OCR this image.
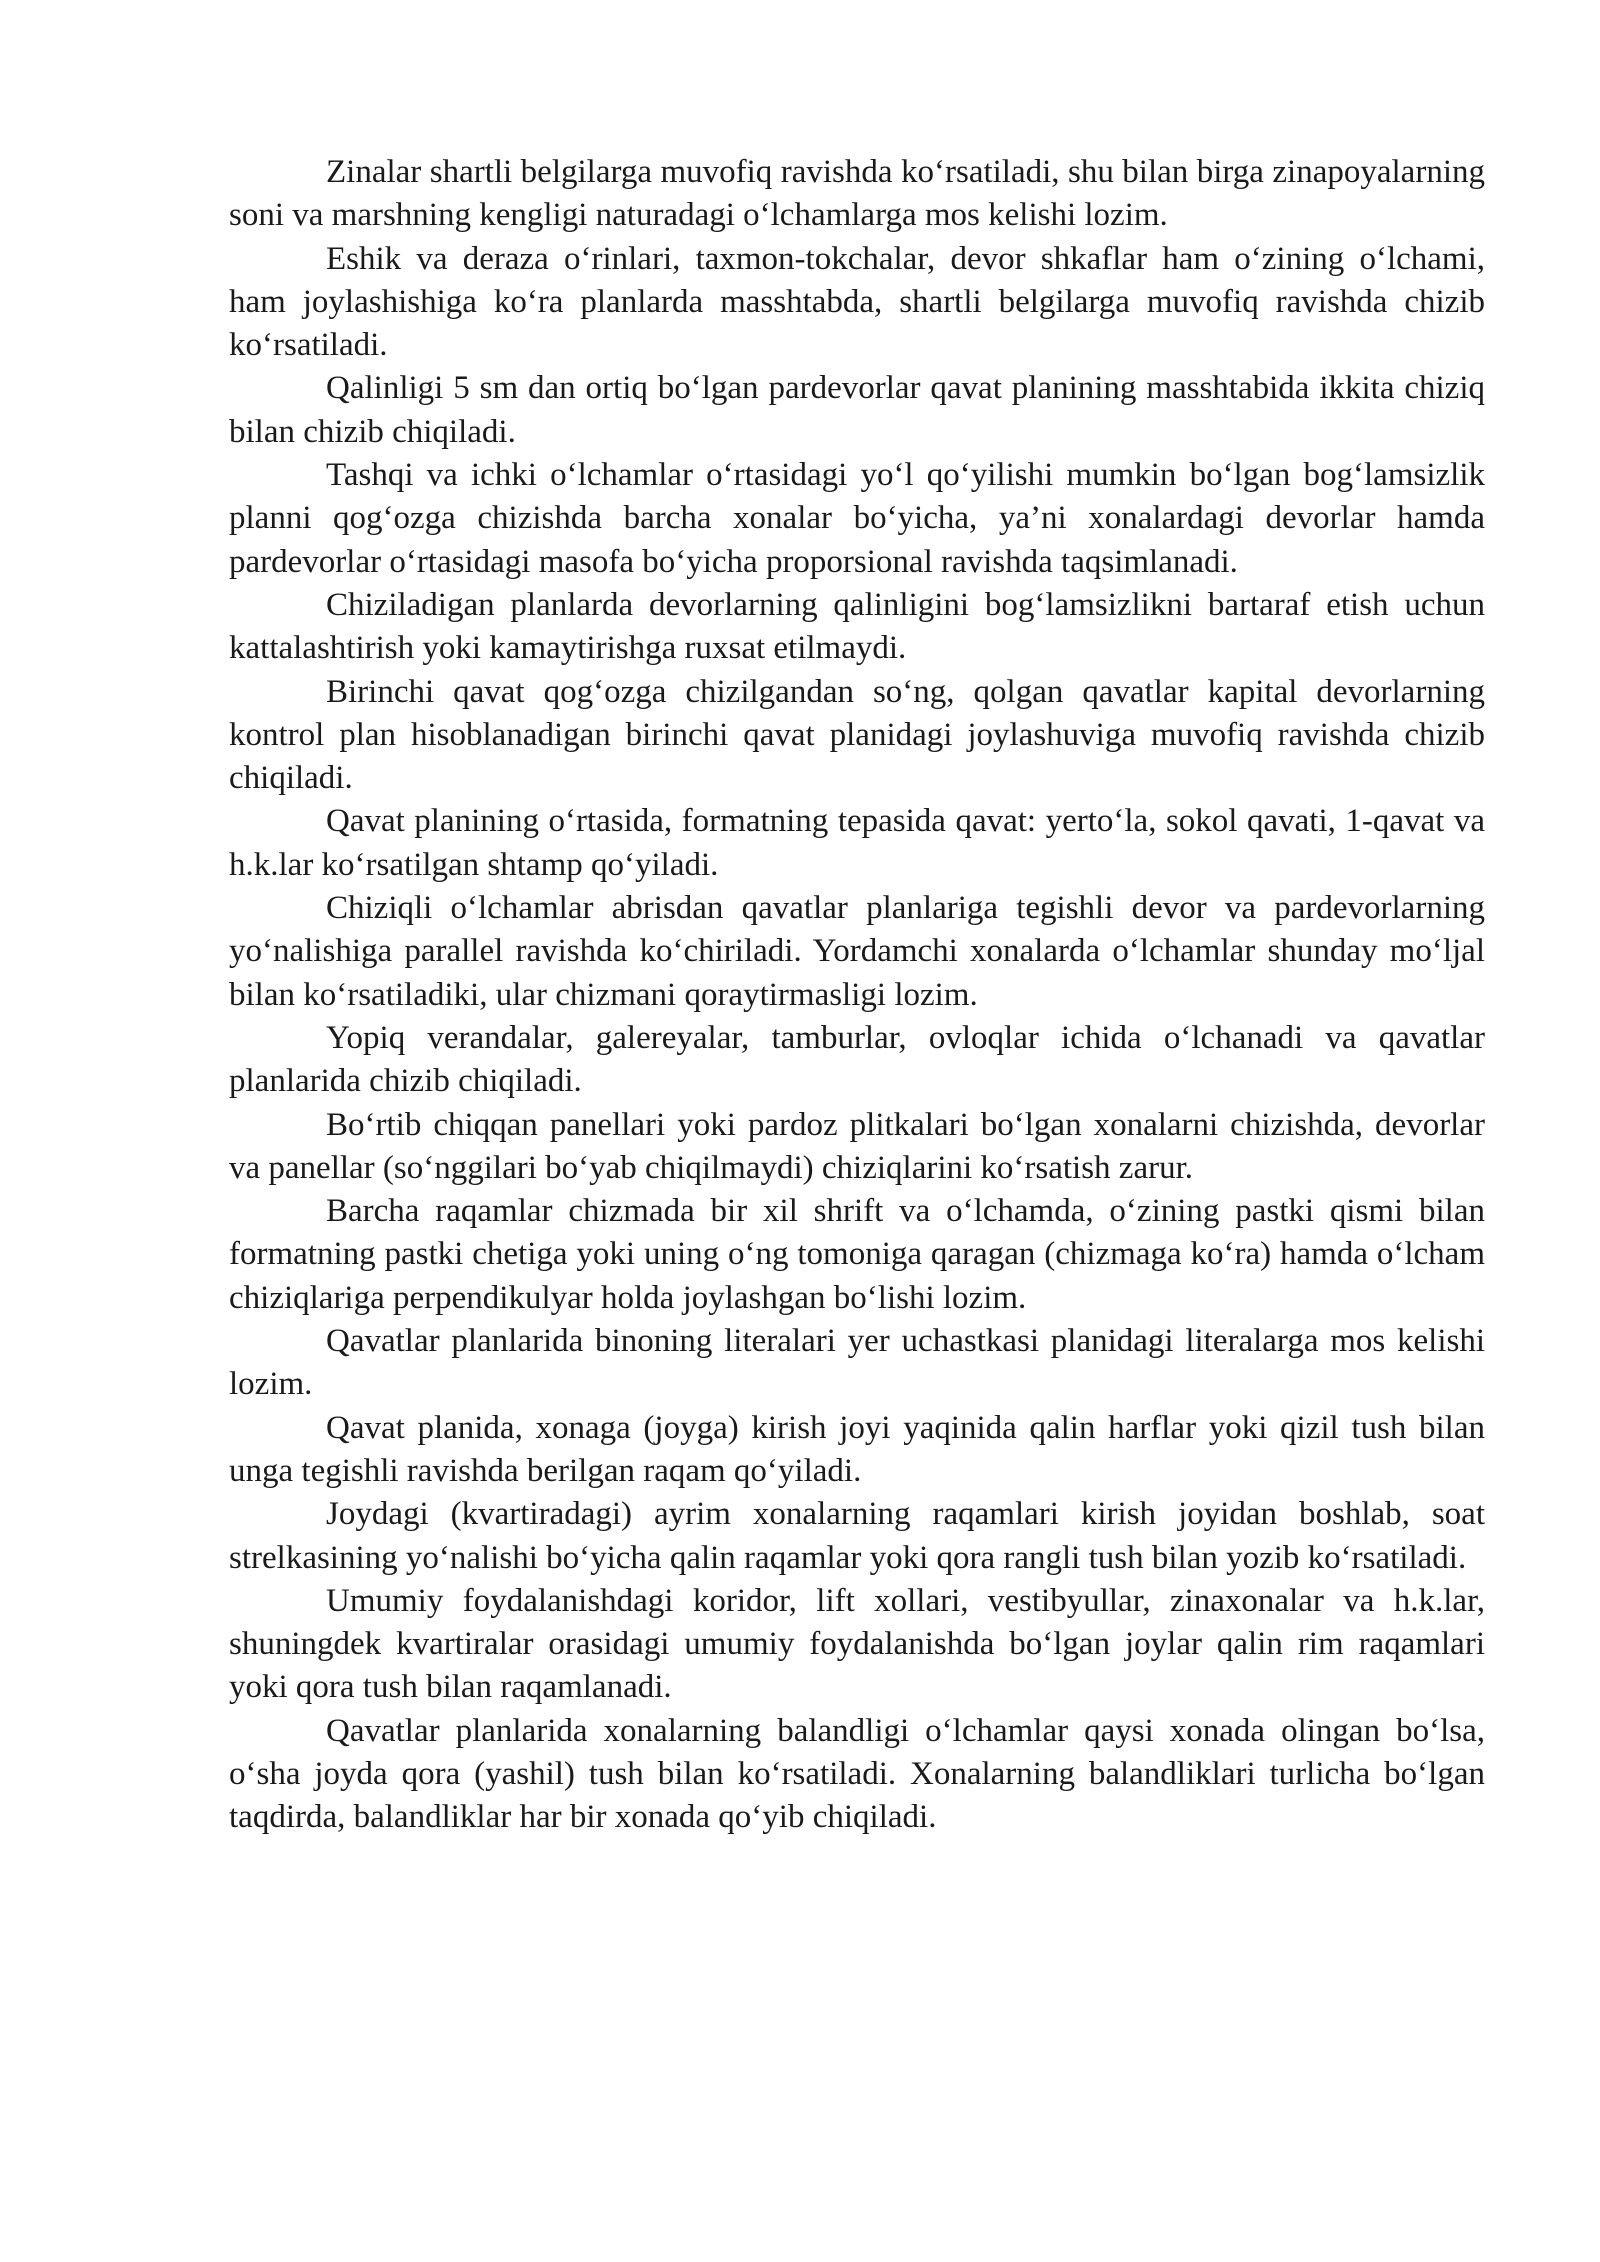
Zinalar shartli belgilarga muvofiq ravishda ko‘rsatiladi, shu bilan birga zinapoyalarning soni va marshning kengligi naturadagi o‘lchamlarga mos kelishi lozim.

Eshik va deraza o‘rinlari, taxmon-tokchalar, devor shkaflar ham o‘zining o‘lchami, ham joylashishiga ko‘ra planlarda masshtabda, shartli belgilarga muvofiq ravishda chizib ko‘rsatiladi.

Qalinligi 5 sm dan ortiq bo‘lgan pardevorlar qavat planining masshtabida ikkita chiziq bilan chizib chiqiladi.

Tashqi va ichki o‘lchamlar o‘rtasidagi yo‘l qo‘yilishi mumkin bo‘lgan bog‘lamsizlik planni qog‘ozga chizishda barcha xonalar bo‘yicha, ya’ni xonalardagi devorlar hamda pardevorlar o‘rtasidagi masofa bo‘yicha proporsional ravishda taqsimlanadi.

Chiziladigan planlarda devorlarning qalinligini bog‘lamsizlikni bartaraf etish uchun kattalashtirish yoki kamaytirishga ruxsat etilmaydi.

Birinchi qavat qog‘ozga chizilgandan so‘ng, qolgan qavatlar kapital devorlarning kontrol plan hisoblanadigan birinchi qavat planidagi joylashuviga muvofiq ravishda chizib chiqiladi.

Qavat planining o‘rtasida, formatning tepasida qavat: yerto‘la, sokol qavati, 1-qavat va h.k.lar ko‘rsatilgan shtamp qo‘yiladi.

Chiziqli o‘lchamlar abrisdan qavatlar planlariga tegishli devor va pardevorlarning yo‘nalishiga parallel ravishda ko‘chiriladi. Yordamchi xonalarda o‘lchamlar shunday mo‘ljal bilan ko‘rsatiladiki, ular chizmani qoraytirmasligi lozim.

Yopiq verandalar, galereyalar, tamburlar, ovloqlar ichida o‘lchanadi va qavatlar planlarida chizib chiqiladi.

Bo‘rtib chiqqan panellari yoki pardoz plitkalari bo‘lgan xonalarni chizishda, devorlar va panellar (so‘nggilari bo‘yab chiqilmaydi) chiziqlarini ko‘rsatish zarur.

Barcha raqamlar chizmada bir xil shrift va o‘lchamda, o‘zining pastki qismi bilan formatning pastki chetiga yoki uning o‘ng tomoniga qaragan (chizmaga ko‘ra) hamda o‘lcham chiziqlariga perpendikulyar holda joylashgan bo‘lishi lozim.

Qavatlar planlarida binoning literalari yer uchastkasi planidagi literalarga mos kelishi lozim.

Qavat planida, xonaga (joyga) kirish joyi yaqinida qalin harflar yoki qizil tush bilan unga tegishli ravishda berilgan raqam qo‘yiladi.

Joydagi (kvartiradagi) ayrim xonalarning raqamlari kirish joyidan boshlab, soat strelkasining yo‘nalishi bo‘yicha qalin raqamlar yoki qora rangli tush bilan yozib ko‘rsatiladi.

Umumiy foydalanishdagi koridor, lift xollari, vestibyullar, zinaxonalar va h.k.lar, shuningdek kvartiralar orasidagi umumiy foydalanishda bo‘lgan joylar qalin rim raqamlari yoki qora tush bilan raqamlanadi.

Qavatlar planlarida xonalarning balandligi o‘lchamlar qaysi xonada olingan bo‘lsa, o‘sha joyda qora (yashil) tush bilan ko‘rsatiladi. Xonalarning balandliklari turlicha bo‘lgan taqdirda, balandliklar har bir xonada qo‘yib chiqiladi.
